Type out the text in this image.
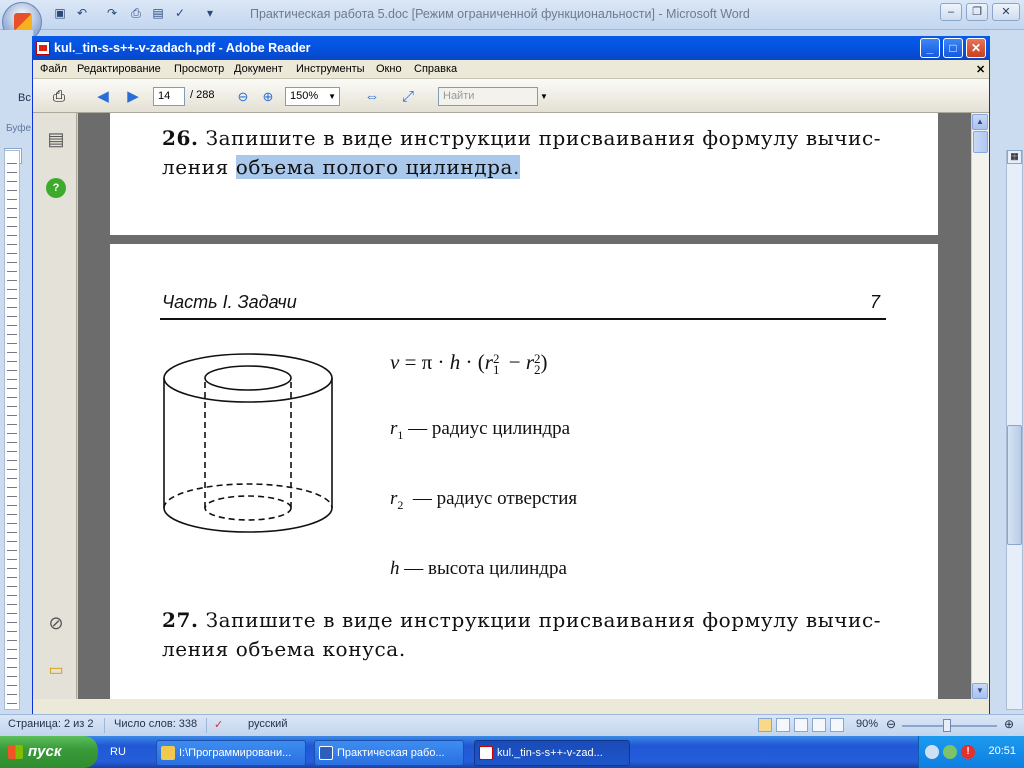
Практическая работа 5.doc [Режим ограниченной функциональности] - Microsoft Word
▣ ↶ ↷ ⎙ ▤ ✓	▾	–	❐	✕
Вс
Буфе
▦
kul._tin-s-s++-v-zadach.pdf - Adobe Reader	_	□	✕
Файл Редактирование Просмотр Документ Инструменты Окно Справка	✕
⎙	◀	▶	14	/ 288	⊖	⊕	150% ▼ ⇔	⤢	Найти	▼
▤
?
⊘
▭
26. Запишите в виде инструкции присваивания формулу вычис-
ления объема полого цилиндра.
Часть I. Задачи	7
v = π · h · (r 2
1 − r 2
2 )
$r_1$ — радиус цилиндра
$r_2$ — радиус отверстия
h — высота цилиндра
27. Запишите в виде инструкции присваивания формулу вычис-
ления объема конуса.
▲
▼
Страница: 2 из 2 Число слов: 338 ✓ русский	90% ⊖	⊕
пуск	RU	I:\Программировани...	Практическая рабо...	kul._tin-s-s++-v-zad...	!	20:51
